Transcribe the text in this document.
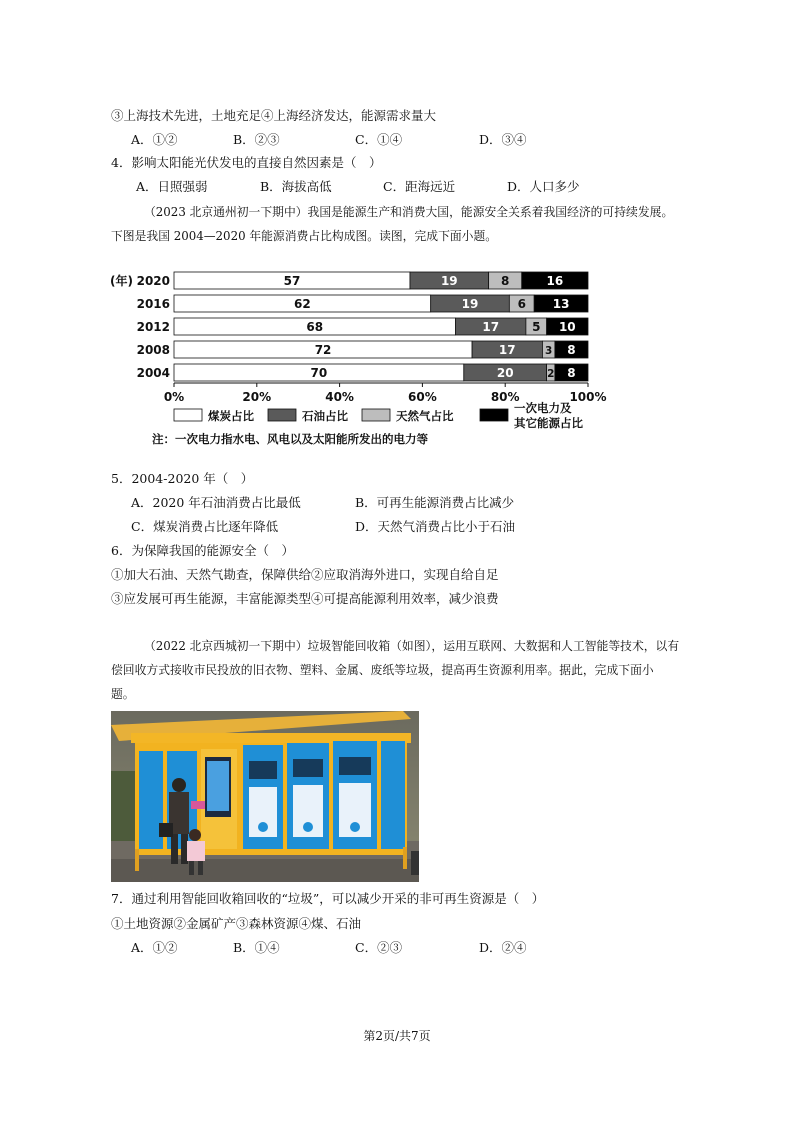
③上海技术先进，土地充足④上海经济发达，能源需求量大
A．①②	B．②③	C．①④	D．③④
4．影响太阳能光伏发电的直接自然因素是（　）
A．日照强弱	B．海拔高低	C．距海远近	D．人口多少
（2023 北京通州初一下期中）我国是能源生产和消费大国，能源安全关系着我国经济的可持续发展。
下图是我国 2004—2020 年能源消费占比构成图。读图，完成下面小题。
(年) 2020	57	19	8	16
2016	62	19	6 13
2012	68	17	5 10
2008	72	17	3 8
2004	70	20	2 8
0%	20%	40%	60%	80%	100%
煤炭占比	石油占比	天然气占比
一次电力及
其它能源占比
注：一次电力指水电、风电以及太阳能所发出的电力等
5．2004-2020 年（　）
A．2020 年石油消费占比最低	B．可再生能源消费占比减少
C．煤炭消费占比逐年降低	D．天然气消费占比小于石油
6．为保障我国的能源安全（　）
①加大石油、天然气勘查，保障供给②应取消海外进口，实现自给自足
③应发展可再生能源，丰富能源类型④可提高能源利用效率，减少浪费
（2022 北京西城初一下期中）垃圾智能回收箱（如图），运用互联网、大数据和人工智能等技术，以有
偿回收方式接收市民投放的旧衣物、塑料、金属、废纸等垃圾，提高再生资源利用率。据此，完成下面小
题。
7．通过利用智能回收箱回收的“垃圾”，可以减少开采的非可再生资源是（　）
①土地资源②金属矿产③森林资源④煤、石油
A．①②	B．①④	C．②③	D．②④
第2页/共7页
